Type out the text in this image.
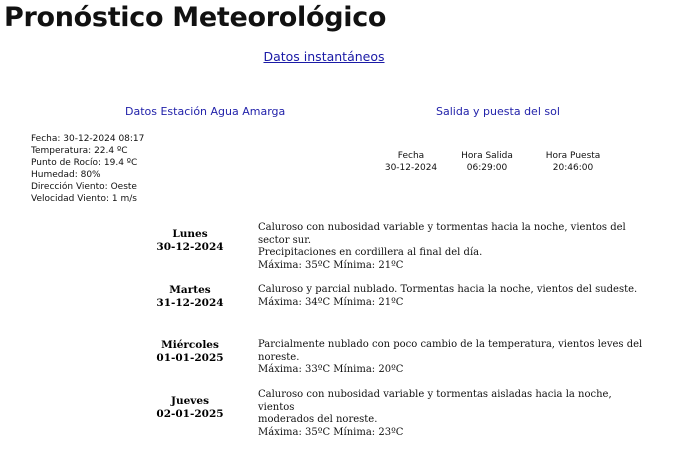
Pronóstico Meteorológico
Datos instantáneos
Datos Estación Agua Amarga	Salida y puesta del sol
Fecha: 30-12-2024 08:17
Temperatura: 22.4 ºC
Punto de Rocío: 19.4 ºC
Humedad: 80%
Dirección Viento: Oeste
Velocidad Viento: 1 m/s
Fecha
30-12-2024
Hora Salida
06:29:00
Hora Puesta
20:46:00
Lunes
30-12-2024
Caluroso con nubosidad variable y tormentas hacia la noche, vientos del sector sur.
Precipitaciones en cordillera al final del día.
Máxima: 35ºC Mínima: 21ºC
Martes
31-12-2024
Caluroso y parcial nublado. Tormentas hacia la noche, vientos del sudeste.
Máxima: 34ºC Mínima: 21ºC
Miércoles
01-01-2025
Parcialmente nublado con poco cambio de la temperatura, vientos leves del noreste.
Máxima: 33ºC Mínima: 20ºC
Jueves
02-01-2025
Caluroso con nubosidad variable y tormentas aisladas hacia la noche, vientos
moderados del noreste.
Máxima: 35ºC Mínima: 23ºC
